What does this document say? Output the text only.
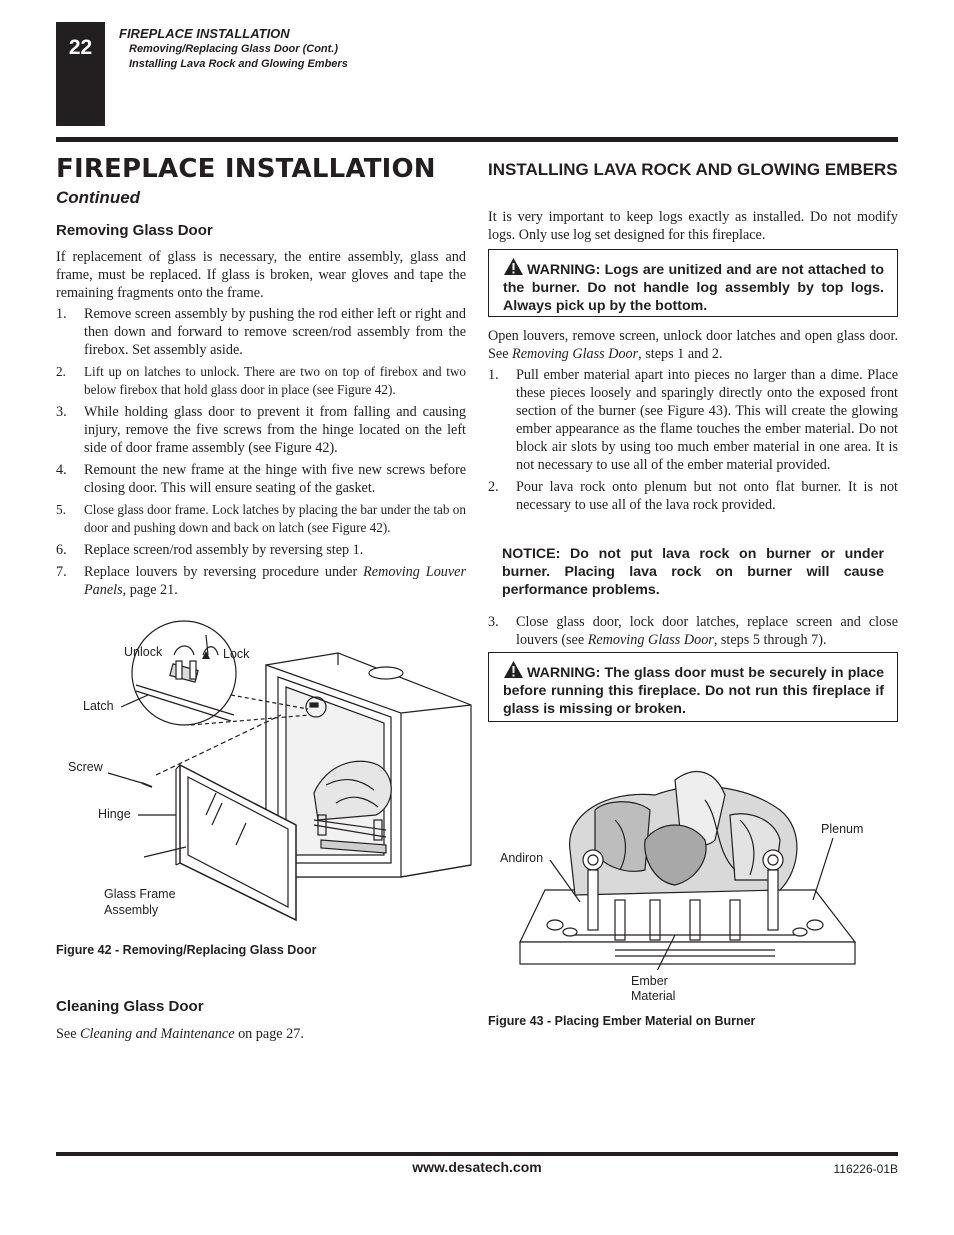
22
FIREPLACE INSTALLATION
Removing/Replacing Glass Door (Cont.)
Installing Lava Rock and Glowing Embers
FIREPLACE INSTALLATION
Continued
Removing Glass Door
If replacement of glass is necessary, the entire assembly, glass and frame, must be replaced. If glass is broken, wear gloves and tape the remaining fragments onto the frame.
1. Remove screen assembly by pushing the rod either left or right and then down and forward to remove screen/rod assembly from the firebox. Set assembly aside.
2. Lift up on latches to unlock. There are two on top of firebox and two below firebox that hold glass door in place (see Figure 42).
3. While holding glass door to prevent it from falling and causing injury, remove the five screws from the hinge located on the left side of door frame assembly (see Figure 42).
4. Remount the new frame at the hinge with five new screws before closing door. This will ensure seating of the gasket.
5. Close glass door frame. Lock latches by placing the bar under the tab on door and pushing down and back on latch (see Figure 42).
6. Replace screen/rod assembly by reversing step 1.
7. Replace louvers by reversing procedure under Removing Louver Panels, page 21.
Unlock	Lock
Latch
Screw
Hinge
Glass Frame
Assembly
Figure 42 - Removing/Replacing Glass Door
Cleaning Glass Door
See Cleaning and Maintenance on page 27.
INSTALLING LAVA ROCK AND GLOWING EMBERS
It is very important to keep logs exactly as installed. Do not modify logs. Only use log set designed for this fireplace.
WARNING: Logs are unitized and are not attached to the burner. Do not handle log assembly by top logs. Always pick up by the bottom.
Open louvers, remove screen, unlock door latches and open glass door. See Removing Glass Door, steps 1 and 2.
1. Pull ember material apart into pieces no larger than a dime. Place these pieces loosely and sparingly directly onto the exposed front section of the burner (see Figure 43). This will create the glowing ember appearance as the flame touches the ember material. Do not block air slots by using too much ember material in one area. It is not necessary to use all of the ember material provided.
2. Pour lava rock onto plenum but not onto flat burner. It is not necessary to use all of the lava rock provided.
NOTICE: Do not put lava rock on burner or under burner. Placing lava rock on burner will cause performance problems.
3. Close glass door, lock door latches, replace screen and close louvers (see Removing Glass Door, steps 5 through 7).
WARNING: The glass door must be securely in place before running this fireplace. Do not run this fireplace if glass is missing or broken.
Plenum
Andiron
Ember
Material
Figure 43 - Placing Ember Material on Burner
www.desatech.com	116226-01B
